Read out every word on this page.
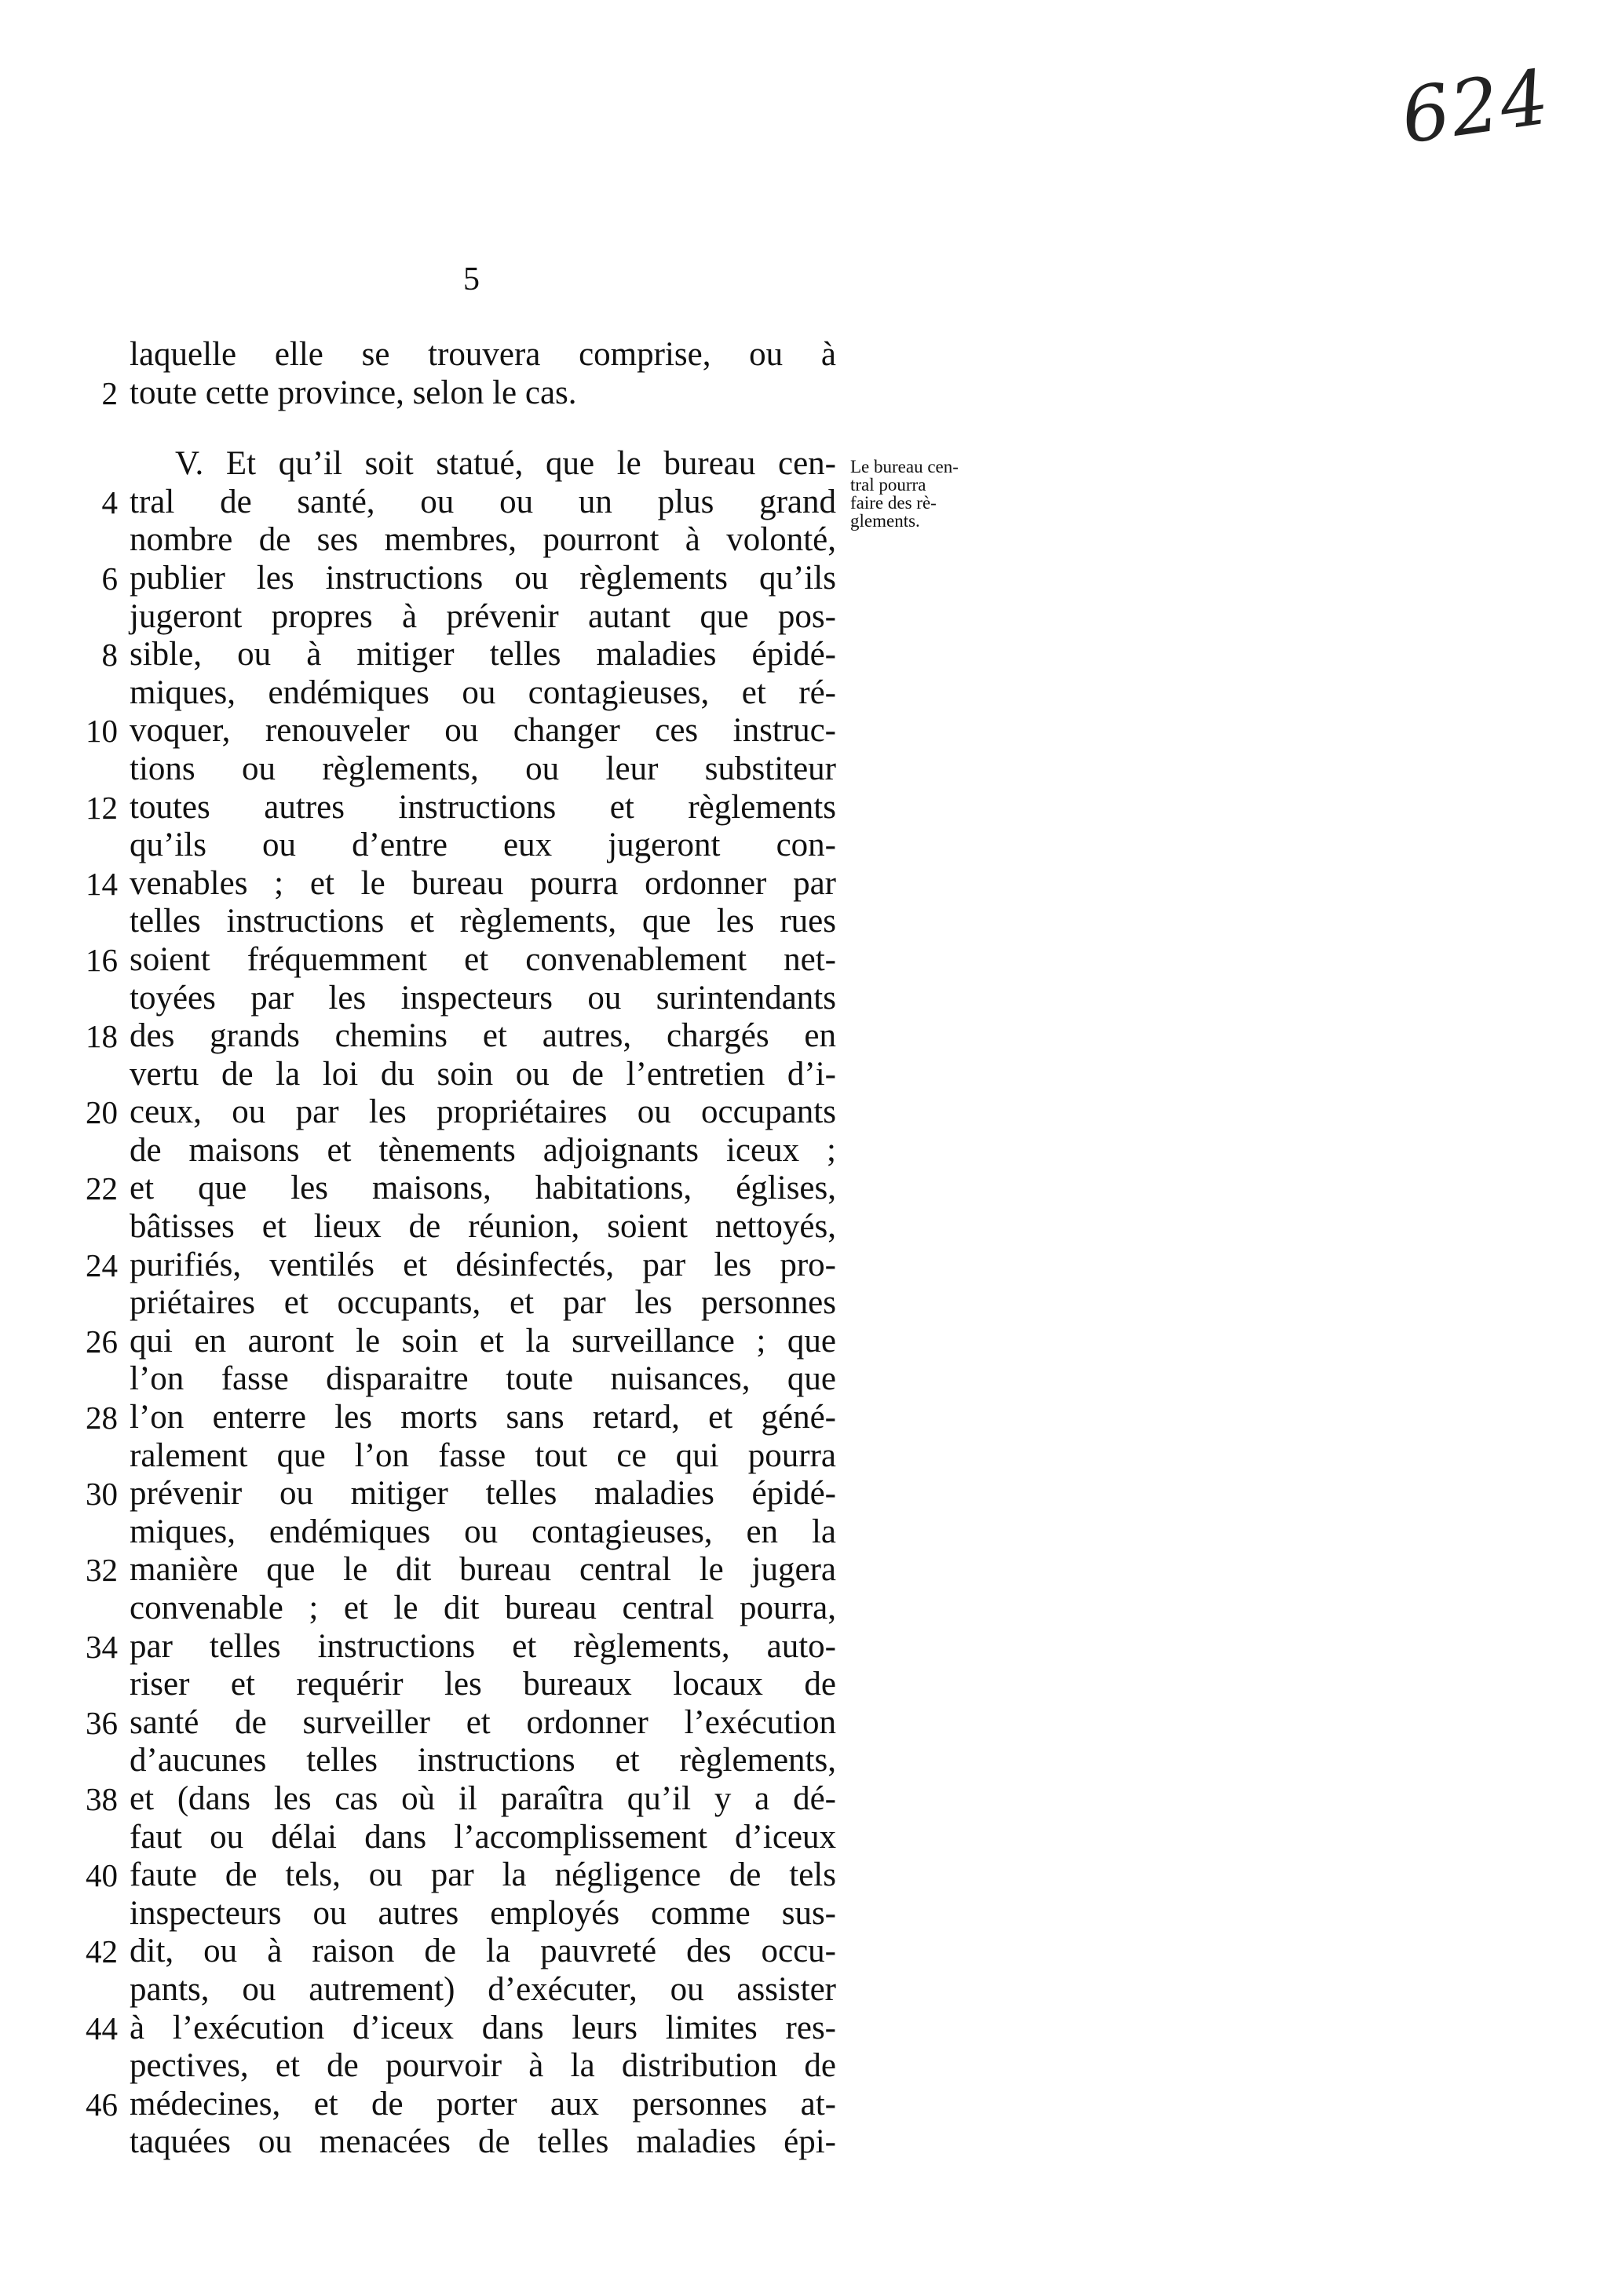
624
5
Le bureau cen-
tral pourra
faire des rè-
glements.
laquelle elle se trouvera comprise, ou à
2 toute cette province, selon le cas.
V. Et qu’il soit statué, que le bureau cen-
4 tral de santé, ou ou un plus grand
nombre de ses membres, pourront à volonté,
6 publier les instructions ou règlements qu’ils
jugeront propres à prévenir autant que pos-
8 sible, ou à mitiger telles maladies épidé-
miques, endémiques ou contagieuses, et ré-
10 voquer, renouveler ou changer ces instruc-
tions ou règlements, ou leur substiteur
12 toutes autres instructions et règlements
qu’ils ou d’entre eux jugeront con-
14 venables ; et le bureau pourra ordonner par
telles instructions et règlements, que les rues
16 soient fréquemment et convenablement net-
toyées par les inspecteurs ou surintendants
18 des grands chemins et autres, chargés en
vertu de la loi du soin ou de l’entretien d’i-
20 ceux, ou par les propriétaires ou occupants
de maisons et tènements adjoignants iceux ;
22 et que les maisons, habitations, églises,
bâtisses et lieux de réunion, soient nettoyés,
24 purifiés, ventilés et désinfectés, par les pro-
priétaires et occupants, et par les personnes
26 qui en auront le soin et la surveillance ; que
l’on fasse disparaitre toute nuisances, que
28 l’on enterre les morts sans retard, et géné-
ralement que l’on fasse tout ce qui pourra
30 prévenir ou mitiger telles maladies épidé-
miques, endémiques ou contagieuses, en la
32 manière que le dit bureau central le jugera
convenable ; et le dit bureau central pourra,
34 par telles instructions et règlements, auto-
riser et requérir les bureaux locaux de
36 santé de surveiller et ordonner l’exécution
d’aucunes telles instructions et règlements,
38 et (dans les cas où il paraîtra qu’il y a dé-
faut ou délai dans l’accomplissement d’iceux
40 faute de tels, ou par la négligence de tels
inspecteurs ou autres employés comme sus-
42 dit, ou à raison de la pauvreté des occu-
pants, ou autrement) d’exécuter, ou assister
44 à l’exécution d’iceux dans leurs limites res-
pectives, et de pourvoir à la distribution de
46 médecines, et de porter aux personnes at-
taquées ou menacées de telles maladies épi-
